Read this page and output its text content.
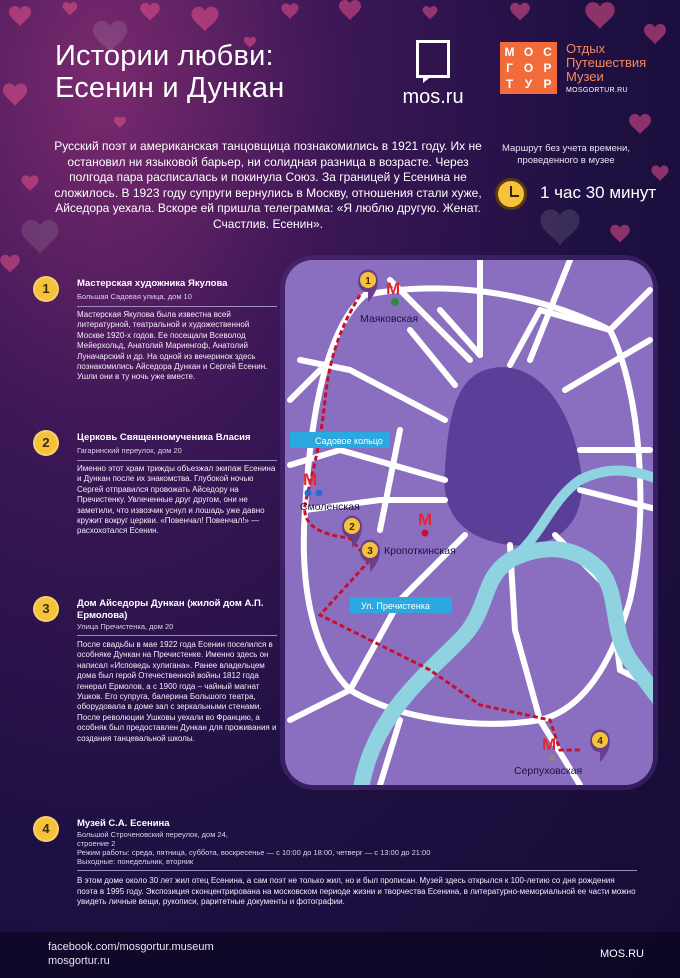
Истории любви:
Есенин и Дункан	mos.ru
М О С
Г О Р
Т У Р
Отдых
Путешествия
Музеи
MOSGORTUR.RU
Русский поэт и американская танцовщица познакомились в 1921 году. Их не остановил ни языковой барьер, ни солидная разница в возрасте. Через полгода пара расписалась и покинула Союз. За границей у Есенина не сложилось. В 1923 году супруги вернулись в Москву, отношения стали хуже, Айседора уехала. Вскоре ей пришла телеграмма: «Я люблю другую. Женат. Счастлив. Есенин».
Маршрут без учета времени, проведенного в музее
1 час 30 минут
1	Мастерская художника Якулова
Большая Садовая улица, дом 10
Мастерская Якулова была известна всей литературной, театральной и художественной Москве 1920-х годов. Ее посещали Всеволод Мейерхольд, Анатолий Мариенгоф, Анатолий Луначарский и др. На одной из вечеринок здесь познакомились Айседора Дункан и Сергей Есенин. Ушли они в ту ночь уже вместе.
2	Церковь Священномученика Власия
Гагаринский переулок, дом 20
Именно этот храм трижды объезжал экипаж Есенина и Дункан после их знакомства. Глубокой ночью Сергей отправился провожать Айседору на Пречистенку. Увлеченные друг другом, они не заметили, что извозчик уснул и лошадь уже давно кружит вокруг церкви. «Повенчал! Повенчал!» — расхохотался Есенин.
3	Дом Айседоры Дункан (жилой дом А.П. Ермолова)
Улица Пречистенка, дом 20
После свадьбы в мае 1922 года Есенин поселился в особняке Дункан на Пречистенке. Именно здесь он написал «Исповедь хулигана». Ранее владельцем дома был герой Отечественной войны 1812 года генерал Ермолов, а с 1900 года – чайный магнат Ушков. Его супруга, балерина Большого театра, оборудовала в доме зал с зеркальными стенами. После революции Ушковы уехали во Францию, а особняк был предоставлен Дункан для проживания и создания танцевальной школы.
4	Музей С.А. Есенина
Большой Строченовский переулок, дом 24, строение 2
Режим работы: среда, пятница, суббота, воскресенье — с 10:00 до 18:00, четверг — с 13:00 до 21:00
Выходные: понедельник, вторник
В этом доме около 30 лет жил отец Есенина, а сам поэт не только жил, но и был прописан. Музей здесь открылся к 100-летию со дня рождения поэта в 1995 году. Экспозиция сконцентрирована на московском периоде жизни и творчества Есенина, в литературно-мемориальной ее части можно увидеть личные вещи, рукописи, раритетные документы и фотографии.
Садовое кольцо
Ул. Пречистенка
M
M
M
M
Маяковская
Смоленская
Кропоткинская
Серпуховская
1
2
3
4
facebook.com/mosgortur.museum
mosgortur.ru
MOS.RU
